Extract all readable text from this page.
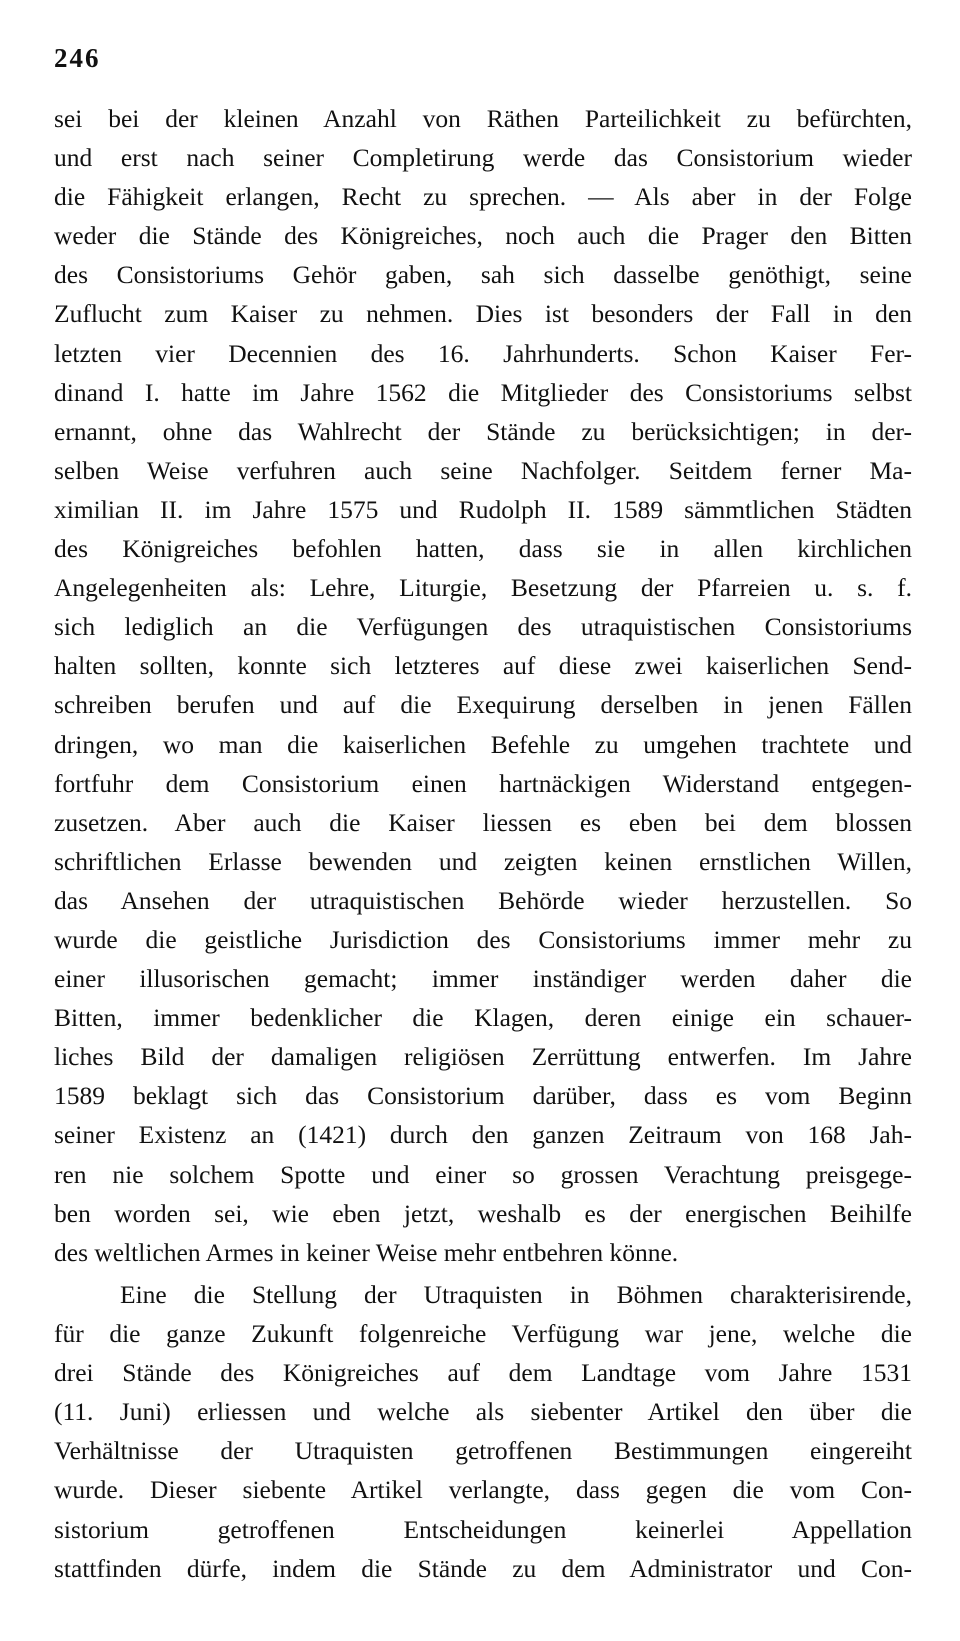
246
sei bei der kleinen Anzahl von Räthen Parteilichkeit zu befürchten,
und erst nach seiner Completirung werde das Consistorium wieder
die Fähigkeit erlangen, Recht zu sprechen. — Als aber in der Folge
weder die Stände des Königreiches, noch auch die Prager den Bitten
des Consistoriums Gehör gaben, sah sich dasselbe genöthigt, seine
Zuflucht zum Kaiser zu nehmen. Dies ist besonders der Fall in den
letzten vier Decennien des 16. Jahrhunderts. Schon Kaiser Fer-
dinand I. hatte im Jahre 1562 die Mitglieder des Consistoriums selbst
ernannt, ohne das Wahlrecht der Stände zu berücksichtigen; in der-
selben Weise verfuhren auch seine Nachfolger. Seitdem ferner Ma-
ximilian II. im Jahre 1575 und Rudolph II. 1589 sämmtlichen Städten
des Königreiches befohlen hatten, dass sie in allen kirchlichen
Angelegenheiten als: Lehre, Liturgie, Besetzung der Pfarreien u. s. f.
sich lediglich an die Verfügungen des utraquistischen Consistoriums
halten sollten, konnte sich letzteres auf diese zwei kaiserlichen Send-
schreiben berufen und auf die Exequirung derselben in jenen Fällen
dringen, wo man die kaiserlichen Befehle zu umgehen trachtete und
fortfuhr dem Consistorium einen hartnäckigen Widerstand entgegen-
zusetzen. Aber auch die Kaiser liessen es eben bei dem blossen
schriftlichen Erlasse bewenden und zeigten keinen ernstlichen Willen,
das Ansehen der utraquistischen Behörde wieder herzustellen. So
wurde die geistliche Jurisdiction des Consistoriums immer mehr zu
einer illusorischen gemacht; immer inständiger werden daher die
Bitten, immer bedenklicher die Klagen, deren einige ein schauer-
liches Bild der damaligen religiösen Zerrüttung entwerfen. Im Jahre
1589 beklagt sich das Consistorium darüber, dass es vom Beginn
seiner Existenz an (1421) durch den ganzen Zeitraum von 168 Jah-
ren nie solchem Spotte und einer so grossen Verachtung preisgege-
ben worden sei, wie eben jetzt, weshalb es der energischen Beihilfe
des weltlichen Armes in keiner Weise mehr entbehren könne.
Eine die Stellung der Utraquisten in Böhmen charakterisirende,
für die ganze Zukunft folgenreiche Verfügung war jene, welche die
drei Stände des Königreiches auf dem Landtage vom Jahre 1531
(11. Juni) erliessen und welche als siebenter Artikel den über die
Verhältnisse der Utraquisten getroffenen Bestimmungen eingereiht
wurde. Dieser siebente Artikel verlangte, dass gegen die vom Con-
sistorium getroffenen Entscheidungen keinerlei Appellation
stattfinden dürfe, indem die Stände zu dem Administrator und Con-
